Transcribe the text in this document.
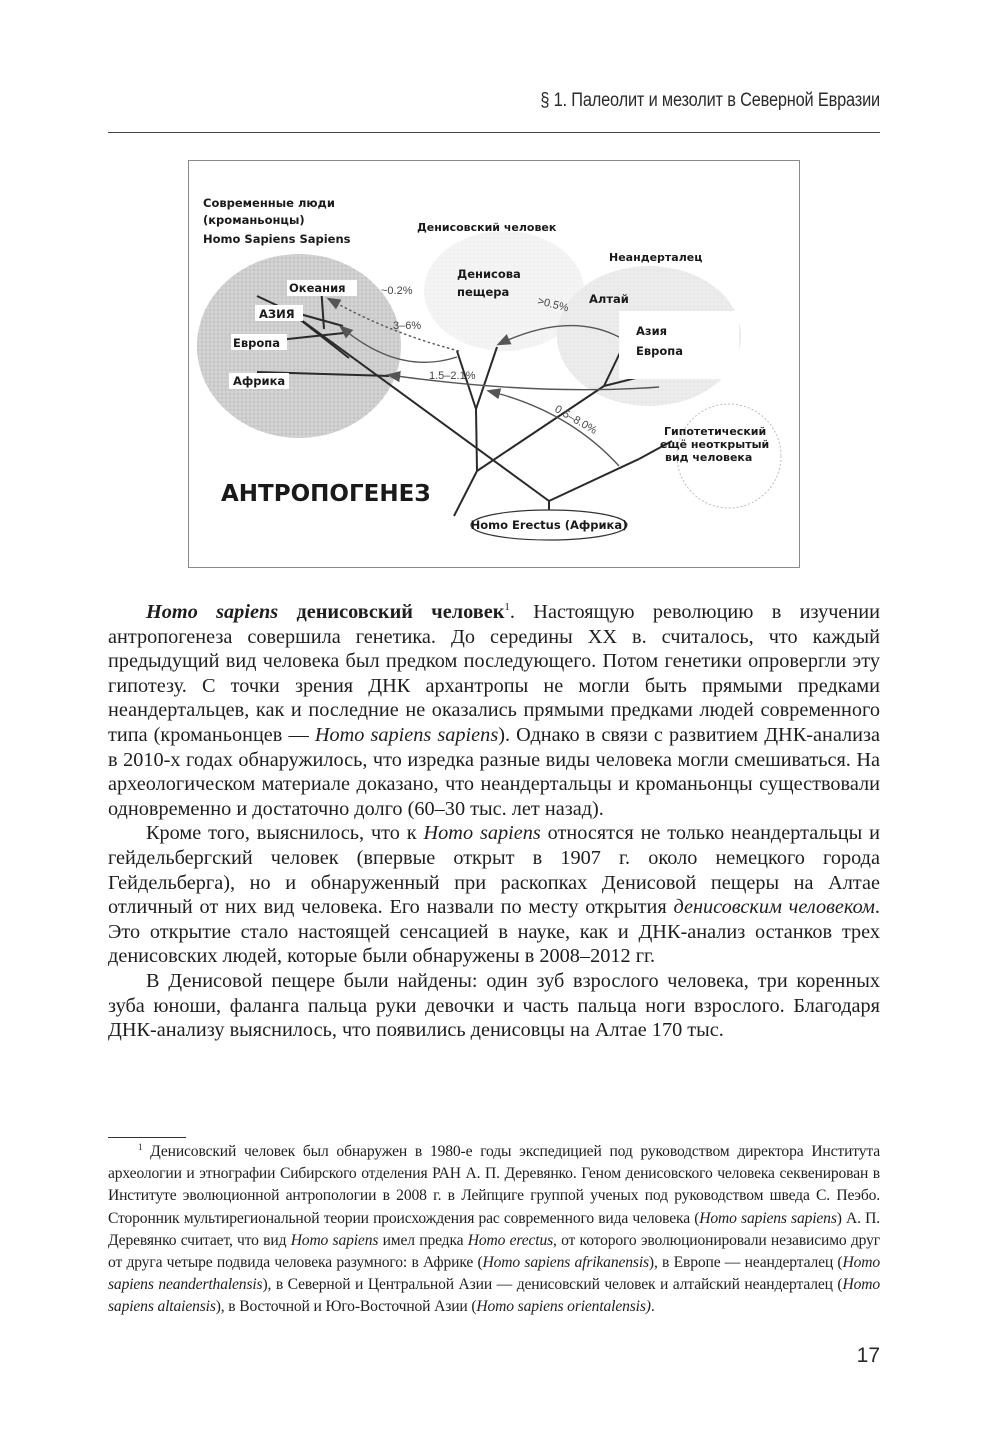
§ 1. Палеолит и мезолит в Северной Евразии
Современные люди
(кроманьонцы)
Homo Sapiens Sapiens
Денисовский человек
Неандерталец
Океания
АЗИЯ
Европа
Африка
Денисова
пещера	Алтай
Азия
Европа
Гипотетический
ещё неоткрытый
вид человека
~0.2%
3–6%
>0.5%
1.5–2.1%
0.5–8.0%
АНТРОПОГЕНЕЗ
Homo Erectus (Африка)

Homo sapiens денисовский человек$^1$. Настоящую революцию в изучении антропогенеза совершила генетика. До середины XX в. считалось, что каждый предыдущий вид человека был предком последующего. Потом генетики опровергли эту гипотезу. С точки зрения ДНК архантропы не могли быть прямыми предками неандертальцев, как и последние не оказались прямыми предками людей современного типа (кроманьонцев — Homo sapiens sapiens). Однако в связи с развитием ДНК-анализа в 2010-х годах обнаружилось, что изредка разные виды человека могли смешиваться. На археологическом материале доказано, что неандертальцы и кроманьонцы существовали одновременно и достаточно долго (60–30 тыс. лет назад).

Кроме того, выяснилось, что к Homo sapiens относятся не только неандертальцы и гейдельбергский человек (впервые открыт в 1907 г. около немецкого города Гейдельберга), но и обнаруженный при раскопках Денисовой пещеры на Алтае отличный от них вид человека. Его назвали по месту открытия денисовским человеком. Это открытие стало настоящей сенсацией в науке, как и ДНК-анализ останков трех денисовских людей, которые были обнаружены в 2008–2012 гг.

В Денисовой пещере были найдены: один зуб взрослого человека, три коренных зуба юноши, фаланга пальца руки девочки и часть пальца ноги взрослого. Благодаря ДНК-анализу выяснилось, что появились денисовцы на Алтае 170 тыс.

$^1$ Денисовский человек был обнаружен в 1980-е годы экспедицией под руководством директора Института археологии и этнографии Сибирского отделения РАН А. П. Деревянко. Геном денисовского человека секвенирован в Институте эволюционной антропологии в 2008 г. в Лейпциге группой ученых под руководством шведа С. Пеэбо. Сторонник мультирегиональной теории происхождения рас современного вида человека (Homo sapiens sapiens) А. П. Деревянко считает, что вид Homo sapiens имел предка Homo erectus, от которого эволюционировали независимо друг от друга четыре подвида человека разумного: в Африке (Homo sapiens afrikanensis), в Европе — неандерталец (Homo sapiens neanderthalensis), в Северной и Центральной Азии — денисовский человек и алтайский неандерталец (Homo sapiens altaiensis), в Восточной и Юго-Восточной Азии (Homo sapiens orientalensis).

17
